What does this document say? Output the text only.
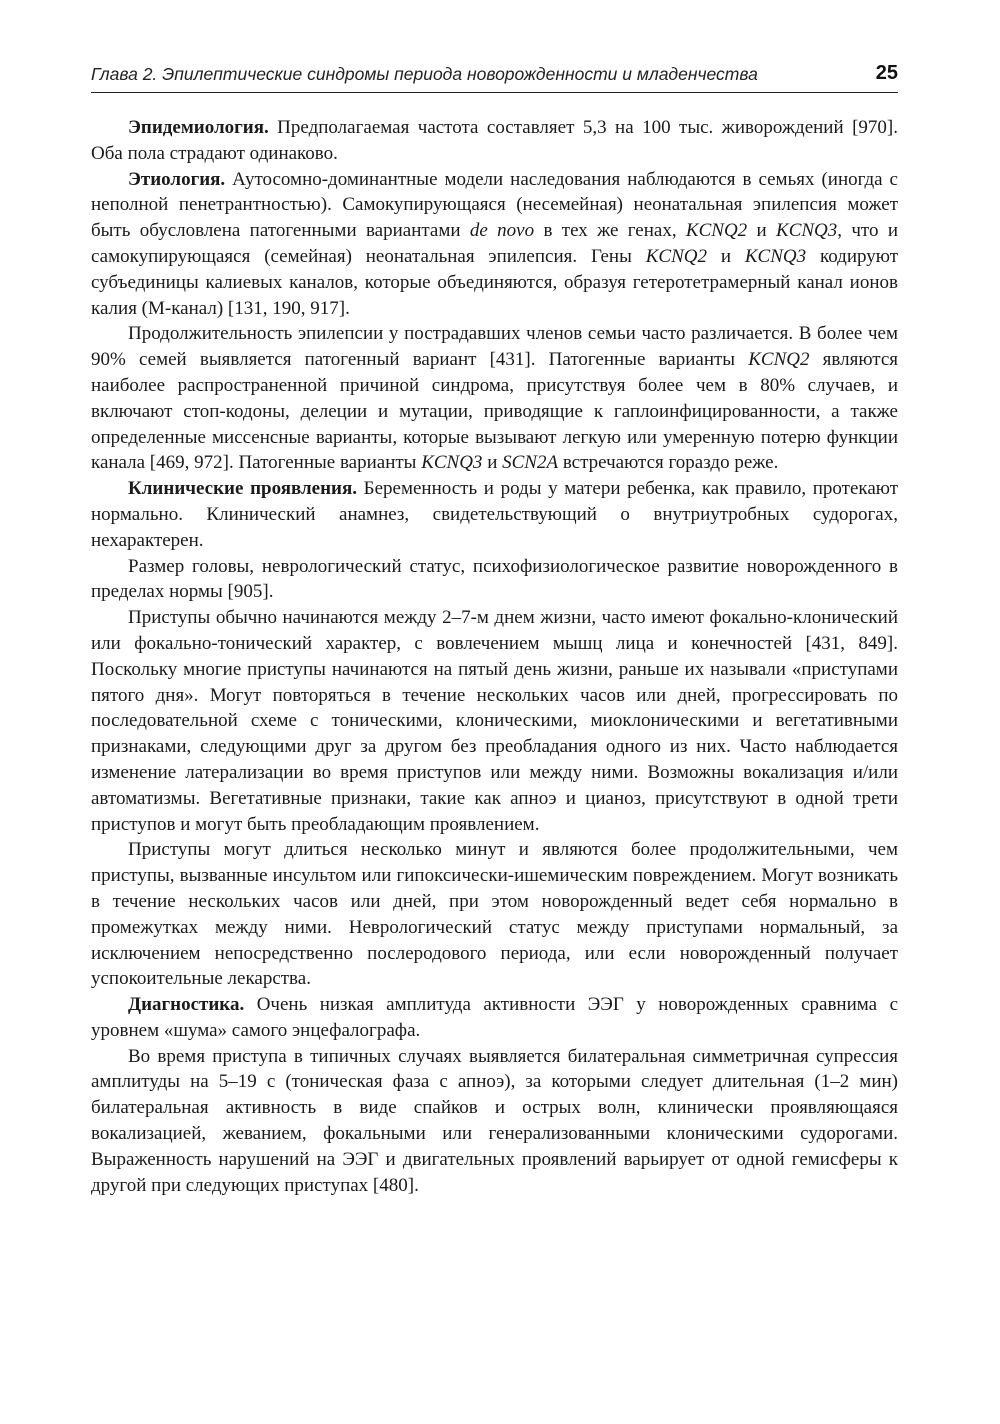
Глава 2. Эпилептические синдромы периода новорожденности и младенчества	25

Эпидемиология. Предполагаемая частота составляет 5,3 на 100 тыс. живорождений [970]. Оба пола страдают одинаково.

Этиология. Аутосомно-доминантные модели наследования наблюдаются в семьях (иногда с неполной пенетрантностью). Самокупирующаяся (несемейная) неонатальная эпилепсия может быть обусловлена патогенными вариантами de novo в тех же генах, KCNQ2 и KCNQ3, что и самокупирующаяся (семейная) неонатальная эпилепсия. Гены KCNQ2 и KCNQ3 кодируют субъединицы калиевых каналов, которые объединяются, образуя гетеротетрамерный канал ионов калия (М-канал) [131, 190, 917].

Продолжительность эпилепсии у пострадавших членов семьи часто различается. В более чем 90% семей выявляется патогенный вариант [431]. Патогенные варианты KCNQ2 являются наиболее распространенной причиной синдрома, присутствуя более чем в 80% случаев, и включают стоп-кодоны, делеции и мутации, приводящие к гаплоинфицированности, а также определенные миссенсные варианты, которые вызывают легкую или умеренную потерю функции канала [469, 972]. Патогенные варианты KCNQ3 и SCN2A встречаются гораздо реже.

Клинические проявления. Беременность и роды у матери ребенка, как правило, протекают нормально. Клинический анамнез, свидетельствующий о внутриутробных судорогах, нехарактерен.

Размер головы, неврологический статус, психофизиологическое развитие новорожденного в пределах нормы [905].

Приступы обычно начинаются между 2–7-м днем жизни, часто имеют фокально-клонический или фокально-тонический характер, с вовлечением мышц лица и конечностей [431, 849]. Поскольку многие приступы начинаются на пятый день жизни, раньше их называли «приступами пятого дня». Могут повторяться в течение нескольких часов или дней, прогрессировать по последовательной схеме с тоническими, клоническими, миоклоническими и вегетативными признаками, следующими друг за другом без преобладания одного из них. Часто наблюдается изменение латерализации во время приступов или между ними. Возможны вокализация и/или автоматизмы. Вегетативные признаки, такие как апноэ и цианоз, присутствуют в одной трети приступов и могут быть преобладающим проявлением.

Приступы могут длиться несколько минут и являются более продолжительными, чем приступы, вызванные инсультом или гипоксически-ишемическим повреждением. Могут возникать в течение нескольких часов или дней, при этом новорожденный ведет себя нормально в промежутках между ними. Неврологический статус между приступами нормальный, за исключением непосредственно послеродового периода, или если новорожденный получает успокоительные лекарства.

Диагностика. Очень низкая амплитуда активности ЭЭГ у новорожденных сравнима с уровнем «шума» самого энцефалографа.

Во время приступа в типичных случаях выявляется билатеральная симметричная супрессия амплитуды на 5–19 с (тоническая фаза с апноэ), за которыми следует длительная (1–2 мин) билатеральная активность в виде спайков и острых волн, клинически проявляющаяся вокализацией, жеванием, фокальными или генерализованными клоническими судорогами. Выраженность нарушений на ЭЭГ и двигательных проявлений варьирует от одной гемисферы к другой при следующих приступах [480].
